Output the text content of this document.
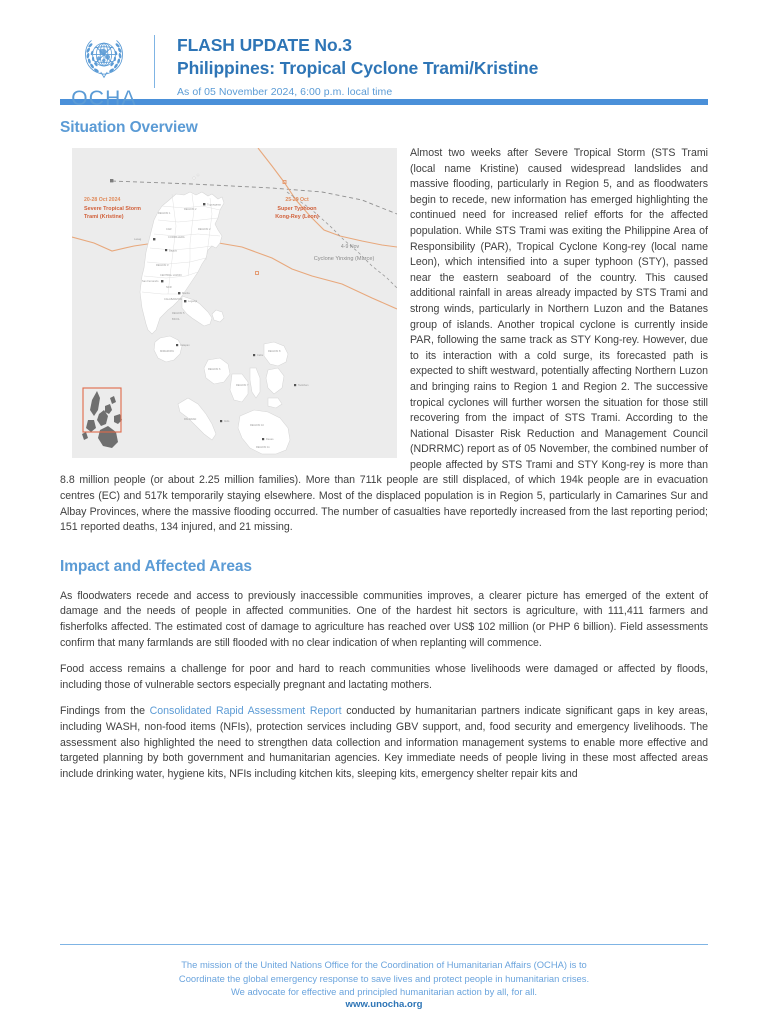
OCHA
FLASH UPDATE No.3
Philippines: Tropical Cyclone Trami/Kristine
As of 05 November 2024, 6:00 p.m. local time
Situation Overview
Tuguegarao
Laoag
Baguio
San Fernando
Manila
Legazpi
Calapan
Cebu
Tacloban
Iloilo
Davao
REGION 1
REGION 2
REGION 2
CAR
CORDILLERA
REGION 3
CENTRAL LUZON
NCR
CALABARZON
REGION 5
BICOL
MIMAROPA
REGION 6
REGION 7
REGION 8
PALAWAN
REGION 10
REGION 11
20-28 Oct 2024
Severe Tropical Storm
Trami (Kristine)
25-29 Oct
Super Typhoon
Kong-Rey (Leon)
4-9 Nov
Cyclone Yinxing (Marce)

Almost two weeks after Severe Tropical Storm (STS Trami (local name Kristine) caused widespread landslides and massive flooding, particularly in Region 5, and as floodwaters begin to recede, new information has emerged highlighting the continued need for increased relief efforts for the affected population. While STS Trami was exiting the Philippine Area of Responsibility (PAR), Tropical Cyclone Kong-rey (local name Leon), which intensified into a super typhoon (STY), passed near the eastern seaboard of the country. This caused additional rainfall in areas already impacted by STS Trami and strong winds, particularly in Northern Luzon and the Batanes group of islands. Another tropical cyclone is currently inside PAR, following the same track as STY Kong-rey. However, due to its interaction with a cold surge, its forecasted path is expected to shift westward, potentially affecting Northern Luzon and bringing rains to Region 1 and Region 2. The successive tropical cyclones will further worsen the situation for those still recovering from the impact of STS Trami. According to the National Disaster Risk Reduction and Management Council (NDRRMC) report as of 05 November, the combined number of people affected by STS Trami and STY Kong-rey is more than 8.8 million people (or about 2.25 million families). More than 711k people are still displaced, of which 194k people are in evacuation centres (EC) and 517k temporarily staying elsewhere. Most of the displaced population is in Region 5, particularly in Camarines Sur and Albay Provinces, where the massive flooding occurred. The number of casualties have reportedly increased from the last reporting period; 151 reported deaths, 134 injured, and 21 missing.

Impact and Affected Areas

As floodwaters recede and access to previously inaccessible communities improves, a clearer picture has emerged of the extent of damage and the needs of people in affected communities. One of the hardest hit sectors is agriculture, with 111,411 farmers and fisherfolks affected. The estimated cost of damage to agriculture has reached over US$ 102 million (or PHP 6 billion). Field assessments confirm that many farmlands are still flooded with no clear indication of when replanting will commence.

Food access remains a challenge for poor and hard to reach communities whose livelihoods were damaged or affected by floods, including those of vulnerable sectors especially pregnant and lactating mothers.

Findings from the Consolidated Rapid Assessment Report conducted by humanitarian partners indicate significant gaps in key areas, including WASH, non-food items (NFIs), protection services including GBV support, and, food security and emergency livelihoods. The assessment also highlighted the need to strengthen data collection and information management systems to enable more effective and targeted planning by both government and humanitarian agencies. Key immediate needs of people living in these most affected areas include drinking water, hygiene kits, NFIs including kitchen kits, sleeping kits, emergency shelter repair kits and

The mission of the United Nations Office for the Coordination of Humanitarian Affairs (OCHA) is to
Coordinate the global emergency response to save lives and protect people in humanitarian crises.
We advocate for effective and principled humanitarian action by all, for all.
www.unocha.org
